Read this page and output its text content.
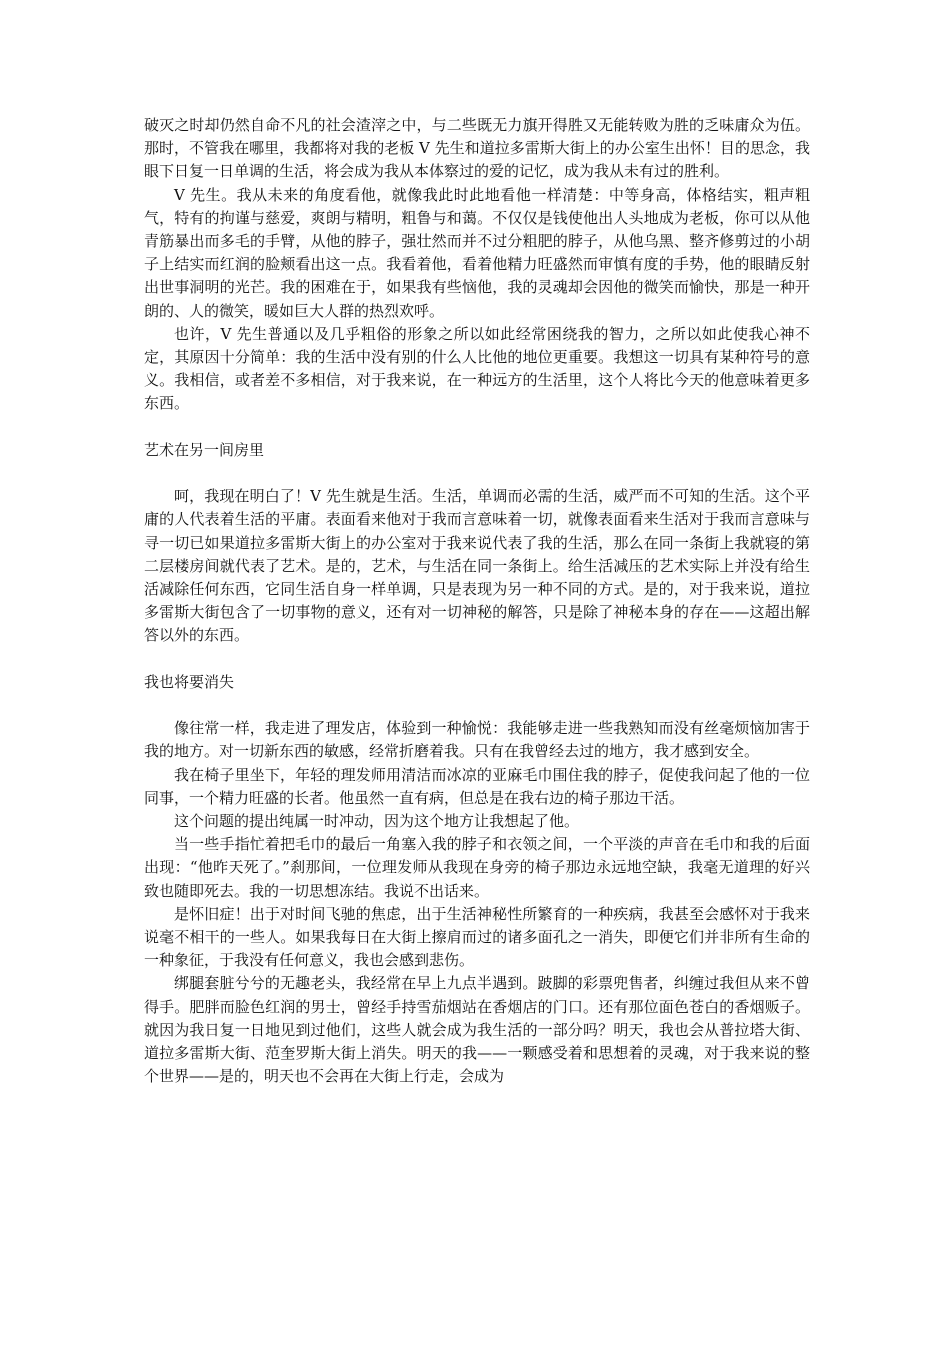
破灭之时却仍然自命不凡的社会渣滓之中，与二些既无力旗开得胜又无能转败为胜的乏味庸众为伍。那时，不管我在哪里，我都将对我的老板 V 先生和道拉多雷斯大街上的办公室生出怀！目的思念，我眼下日复一日单调的生活，将会成为我从本体察过的爱的记忆，成为我从未有过的胜利。

V 先生。我从未来的角度看他，就像我此时此地看他一样清楚：中等身高，体格结实，粗声粗气，特有的拘谨与慈爱，爽朗与精明，粗鲁与和蔼。不仅仅是钱使他出人头地成为老板，你可以从他青筋暴出而多毛的手臂，从他的脖子，强壮然而并不过分粗肥的脖子，从他乌黑、整齐修剪过的小胡子上结实而红润的脸颊看出这一点。我看着他，看着他精力旺盛然而审慎有度的手势，他的眼睛反射出世事洞明的光芒。我的困难在于，如果我有些恼他，我的灵魂却会因他的微笑而愉快，那是一种开朗的、人的微笑，暖如巨大人群的热烈欢呼。

也许，V 先生普通以及几乎粗俗的形象之所以如此经常困绕我的智力，之所以如此使我心神不定，其原因十分简单：我的生活中没有别的什么人比他的地位更重要。我想这一切具有某种符号的意义。我相信，或者差不多相信，对于我来说，在一种远方的生活里，这个人将比今天的他意味着更多东西。

艺术在另一间房里

呵，我现在明白了！V 先生就是生活。生活，单调而必需的生活，威严而不可知的生活。这个平庸的人代表着生活的平庸。表面看来他对于我而言意味着一切，就像表面看来生活对于我而言意味与寻一切已如果道拉多雷斯大街上的办公室对于我来说代表了我的生活，那么在同一条街上我就寝的第二层楼房间就代表了艺术。是的，艺术，与生活在同一条街上。给生活减压的艺术实际上并没有给生活减除任何东西，它同生活自身一样单调，只是表现为另一种不同的方式。是的，对于我来说，道拉多雷斯大街包含了一切事物的意义，还有对一切神秘的解答，只是除了神秘本身的存在——这超出解答以外的东西。

我也将要消失

像往常一样，我走进了理发店，体验到一种愉悦：我能够走进一些我熟知而没有丝毫烦恼加害于我的地方。对一切新东西的敏感，经常折磨着我。只有在我曾经去过的地方，我才感到安全。

我在椅子里坐下，年轻的理发师用清洁而冰凉的亚麻毛巾围住我的脖子，促使我问起了他的一位同事，一个精力旺盛的长者。他虽然一直有病，但总是在我右边的椅子那边干活。

这个问题的提出纯属一时冲动，因为这个地方让我想起了他。

当一些手指忙着把毛巾的最后一角塞入我的脖子和衣领之间，一个平淡的声音在毛巾和我的后面出现：“他昨天死了。”刹那间，一位理发师从我现在身旁的椅子那边永远地空缺，我毫无道理的好兴致也随即死去。我的一切思想冻结。我说不出话来。

是怀旧症！出于对时间飞驰的焦虑，出于生活神秘性所繁育的一种疾病，我甚至会感怀对于我来说毫不相干的一些人。如果我每日在大街上擦肩而过的诸多面孔之一消失，即便它们并非所有生命的一种象征，于我没有任何意义，我也会感到悲伤。

绑腿套脏兮兮的无趣老头，我经常在早上九点半遇到。跛脚的彩票兜售者，纠缠过我但从来不曾得手。肥胖而脸色红润的男士，曾经手持雪茄烟站在香烟店的门口。还有那位面色苍白的香烟贩子。就因为我日复一日地见到过他们，这些人就会成为我生活的一部分吗？明天，我也会从普拉塔大街、道拉多雷斯大街、范奎罗斯大街上消失。明天的我——一颗感受着和思想着的灵魂，对于我来说的整个世界——是的，明天也不会再在大街上行走，会成为
